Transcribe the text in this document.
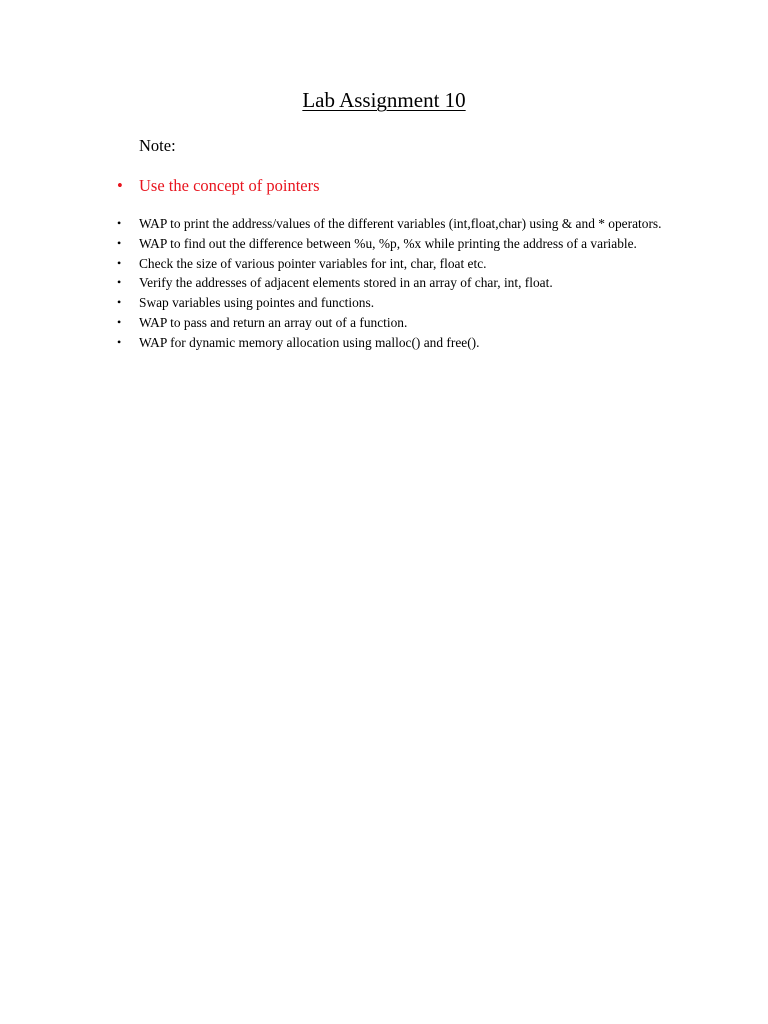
Lab Assignment 10
Note:
• Use the concept of pointers
• WAP to print the address/values of the different variables (int,float,char) using & and * operators.
• WAP to find out the difference between %u, %p, %x while printing the address of a variable.
• Check the size of various pointer variables for int, char, float etc.
• Verify the addresses of adjacent elements stored in an array of char, int, float.
• Swap variables using pointes and functions.
• WAP to pass and return an array out of a function.
• WAP for dynamic memory allocation using malloc() and free().
